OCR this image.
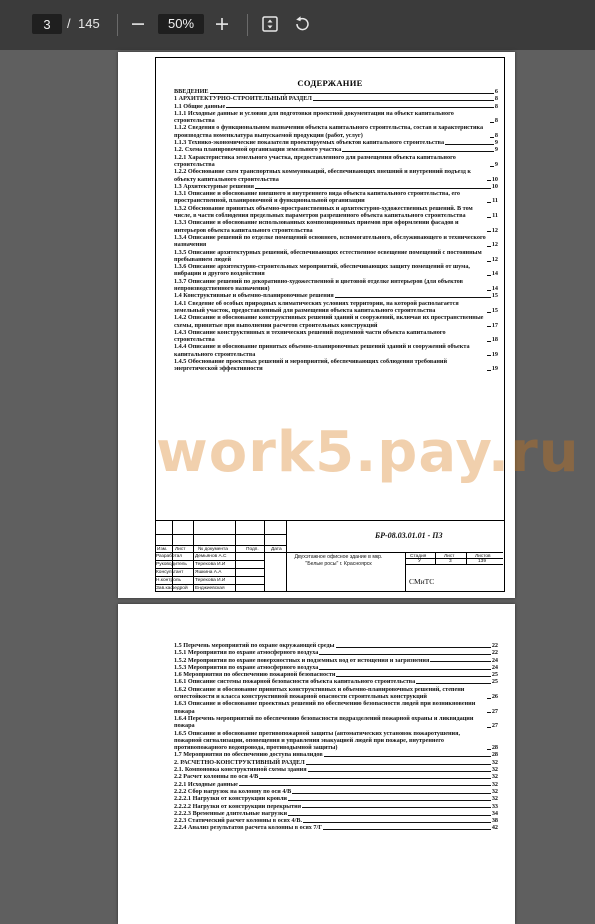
3
/ 145	50%
СОДЕРЖАНИЕ
ВВЕДЕНИЕ	6
1 АРХИТЕКТУРНО-СТРОИТЕЛЬНЫЙ РАЗДЕЛ	8
1.1 Общие данные	8
1.1.1 Исходные данные и условия для подготовки проектной документации на объект капитального строительства	8
1.1.2 Сведения о функциональном назначении объекта капитального строительства, состав и характеристика производства номенклатура выпускаемой продукции (работ, услуг)	8
1.1.3 Технико-экономические показатели проектируемых объектов капитального строительства	9
1.2. Схема планировочной организации земельного участка	9
1.2.1 Характеристика земельного участка, предоставленного для размещения объекта капитального строительства	9
1.2.2 Обоснование схем транспортных коммуникаций, обеспечивающих внешний и внутренний подъезд к объекту капитального строительства	10
1.3 Архитектурные решения	10
1.3.1 Описание и обоснование внешнего и внутреннего вида объекта капитального строительства, его пространственной, планировочной и функциональной организации	11
1.3.2 Обоснование принятых объемно-пространственных и архитектурно-художественных решений. В том числе, в части соблюдения предельных параметров разрешенного объекта капитального строительства	11
1.3.3 Описание и обоснование использованных композиционных приемов при оформлении фасадов и интерьеров объекта капитального строительства	12
1.3.4 Описание решений по отделке помещений основного, вспомогательного, обслуживающего и технического назначения	12
1.3.5 Описание архитектурных решений, обеспечивающих естественное освещение помещений с постоянным пребыванием людей	12
1.3.6 Описание архитектурно-строительных мероприятий, обеспечивающих защиту помещений от шума, вибрации и другого воздействия	14
1.3.7 Описание решений по декоративно-художественной и цветовой отделке интерьеров (для объектов непроизводственного назначения)	14
1.4 Конструктивные и объемно-планировочные решения	15
1.4.1 Сведение об особых природных климатических условиях территории, на которой располагается земельный участок, предоставленный для размещения объекта капитального строительства	15
1.4.2 Описание и обоснование конструктивных решений зданий и сооружений, включая их пространственные схемы, принятые при выполнении расчетов строительных конструкций	17
1.4.3 Описание конструктивных и технических решений подземной части объекта капитального строительства	18
1.4.4 Описание и обоснование принятых объемно-планировочных решений зданий и сооружений объекта капитального строительства	19
1.4.5 Обоснование проектных решений и мероприятий, обеспечивающих соблюдения требований энергетической эффективности	19
work5.pay.ru
Изм. Лист	№ документа	Подп.	Дата
Разработал	Демьянов А.С
Руководитель Терехова И.И
Консультант Яшкина А.А
Н.контроль	Терехова И.И
Зав.кафедрой Енджиевская
БР-08.03.01.01 - ПЗ
Двухэтажное офисное здание в мкр. "Белые росы" г. Красноярск
Стадия	Лист	Листов
У	3	139
СМиТС
1.5 Перечень мероприятий по охране окружающей среды	22
1.5.1 Мероприятия по охране атмосферного воздуха	22
1.5.2 Мероприятия по охране поверхностных и подземных вод от истощения и загрязнения	24
1.5.3 Мероприятия по охране атмосферного воздуха	24
1.6 Мероприятия по обеспечению пожарной безопасности	25
1.6.1 Описание системы пожарной безопасности объекта капитального строительства	25
1.6.2 Описание и обоснование принятых конструктивных и объемно-планировочных решений, степени огнестойкости и класса конструктивной пожарной опасности строительных конструкций	26
1.6.3 Описание и обоснование проектных решений по обеспечению безопасности людей при возникновении пожара	27
1.6.4 Перечень мероприятий по обеспечению безопасности подразделений пожарной охраны и ликвидации пожара	27
1.6.5 Описание и обоснование противопожарной защиты (автоматических установок пожаротушения, пожарной сигнализации, оповещения и управления эвакуацией людей при пожаре, внутреннего противопожарного водопровода, противодымной защиты)	28
1.7 Мероприятия по обеспечению доступа инвалидов	28
2. РАСЧЕТНО-КОНСТРУКТИВНЫЙ РАЗДЕЛ	32
2.1. Компоновка конструктивной схемы здания	32
2.2 Расчет колонны по оси 4/В	32
2.2.1 Исходные данные	32
2.2.2 Сбор нагрузок на колонну по оси 4/В	32
2.2.2.1 Нагрузки от конструкции кровли	32
2.2.2.2 Нагрузки от конструкции перекрытия	33
2.2.2.3 Временные длительные нагрузки	34
2.2.3 Статический расчет колонны в осях 4/В.	38
2.2.4 Анализ результатов расчета колонны в осях 7/Г	42
